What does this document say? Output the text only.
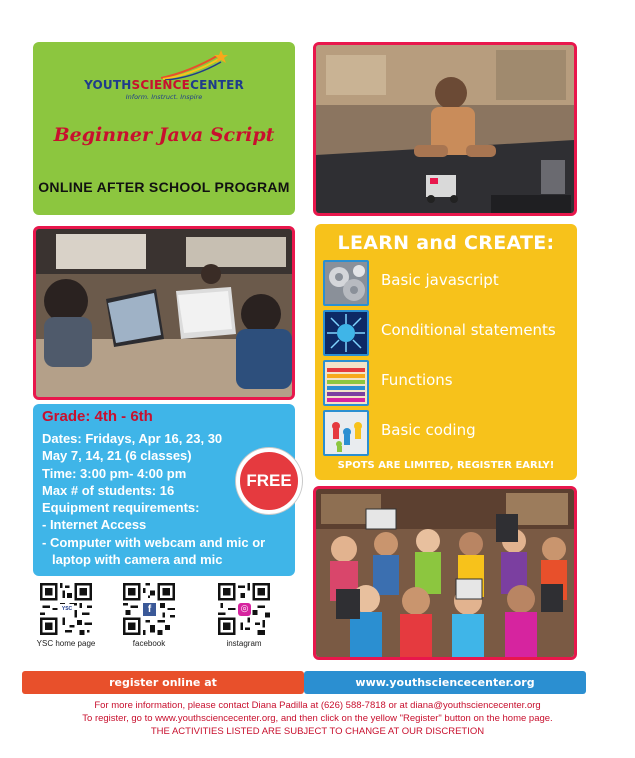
YOUTHSCIENCECENTER
Inform. Instruct. Inspire
Beginner Java Script
ONLINE AFTER SCHOOL PROGRAM
LEARN and CREATE:
Basic javascript
Conditional statements
Functions
Basic coding
SPOTS ARE LIMITED, REGISTER EARLY!
Grade: 4th - 6th
Dates: Fridays, Apr 16, 23, 30
May 7, 14, 21 (6 classes)
Time: 3:00 pm- 4:00 pm
Max # of students: 16
Equipment requirements:
- Internet Access
- Computer with webcam and mic or
laptop with camera and mic
FREE
YSC
YSC home page
f
facebook
◎
instagram
register online at	www.youthsciencecenter.org
For more information, please contact Diana Padilla at (626) 588-7818 or at diana@youthsciencecenter.org
To register, go to www.youthsciencecenter.org, and then click on the yellow "Register" button on the home page.
THE ACTIVITIES LISTED ARE SUBJECT TO CHANGE AT OUR DISCRETION
